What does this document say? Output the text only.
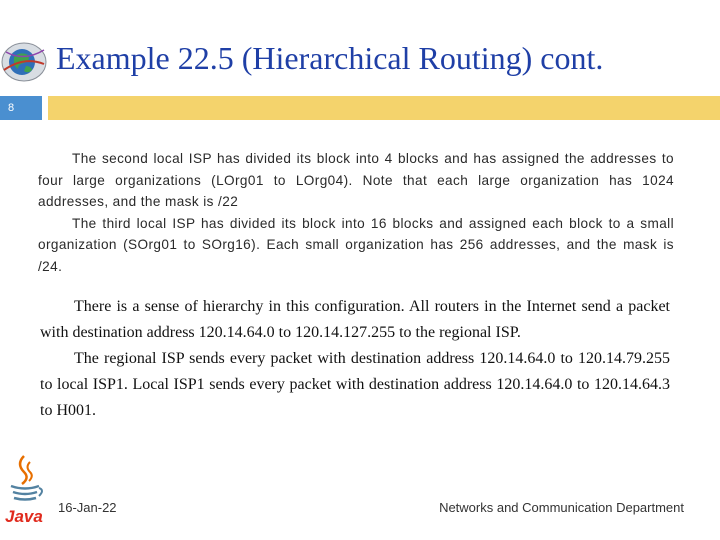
Example 22.5 (Hierarchical Routing) cont.
8

The second local ISP has divided its block into 4 blocks and has assigned the addresses to four large organizations (LOrg01 to LOrg04). Note that each large organization has 1024 addresses, and the mask is /22

The third local ISP has divided its block into 16 blocks and assigned each block to a small organization (SOrg01 to SOrg16). Each small organization has 256 addresses, and the mask is /24.

There is a sense of hierarchy in this configuration. All routers in the Internet send a packet with destination address 120.14.64.0 to 120.14.127.255 to the regional ISP.

The regional ISP sends every packet with destination address 120.14.64.0 to 120.14.79.255 to local ISP1. Local ISP1 sends every packet with destination address 120.14.64.0 to 120.14.64.3 to H001.

Java 16-Jan-22	Networks and Communication Department
